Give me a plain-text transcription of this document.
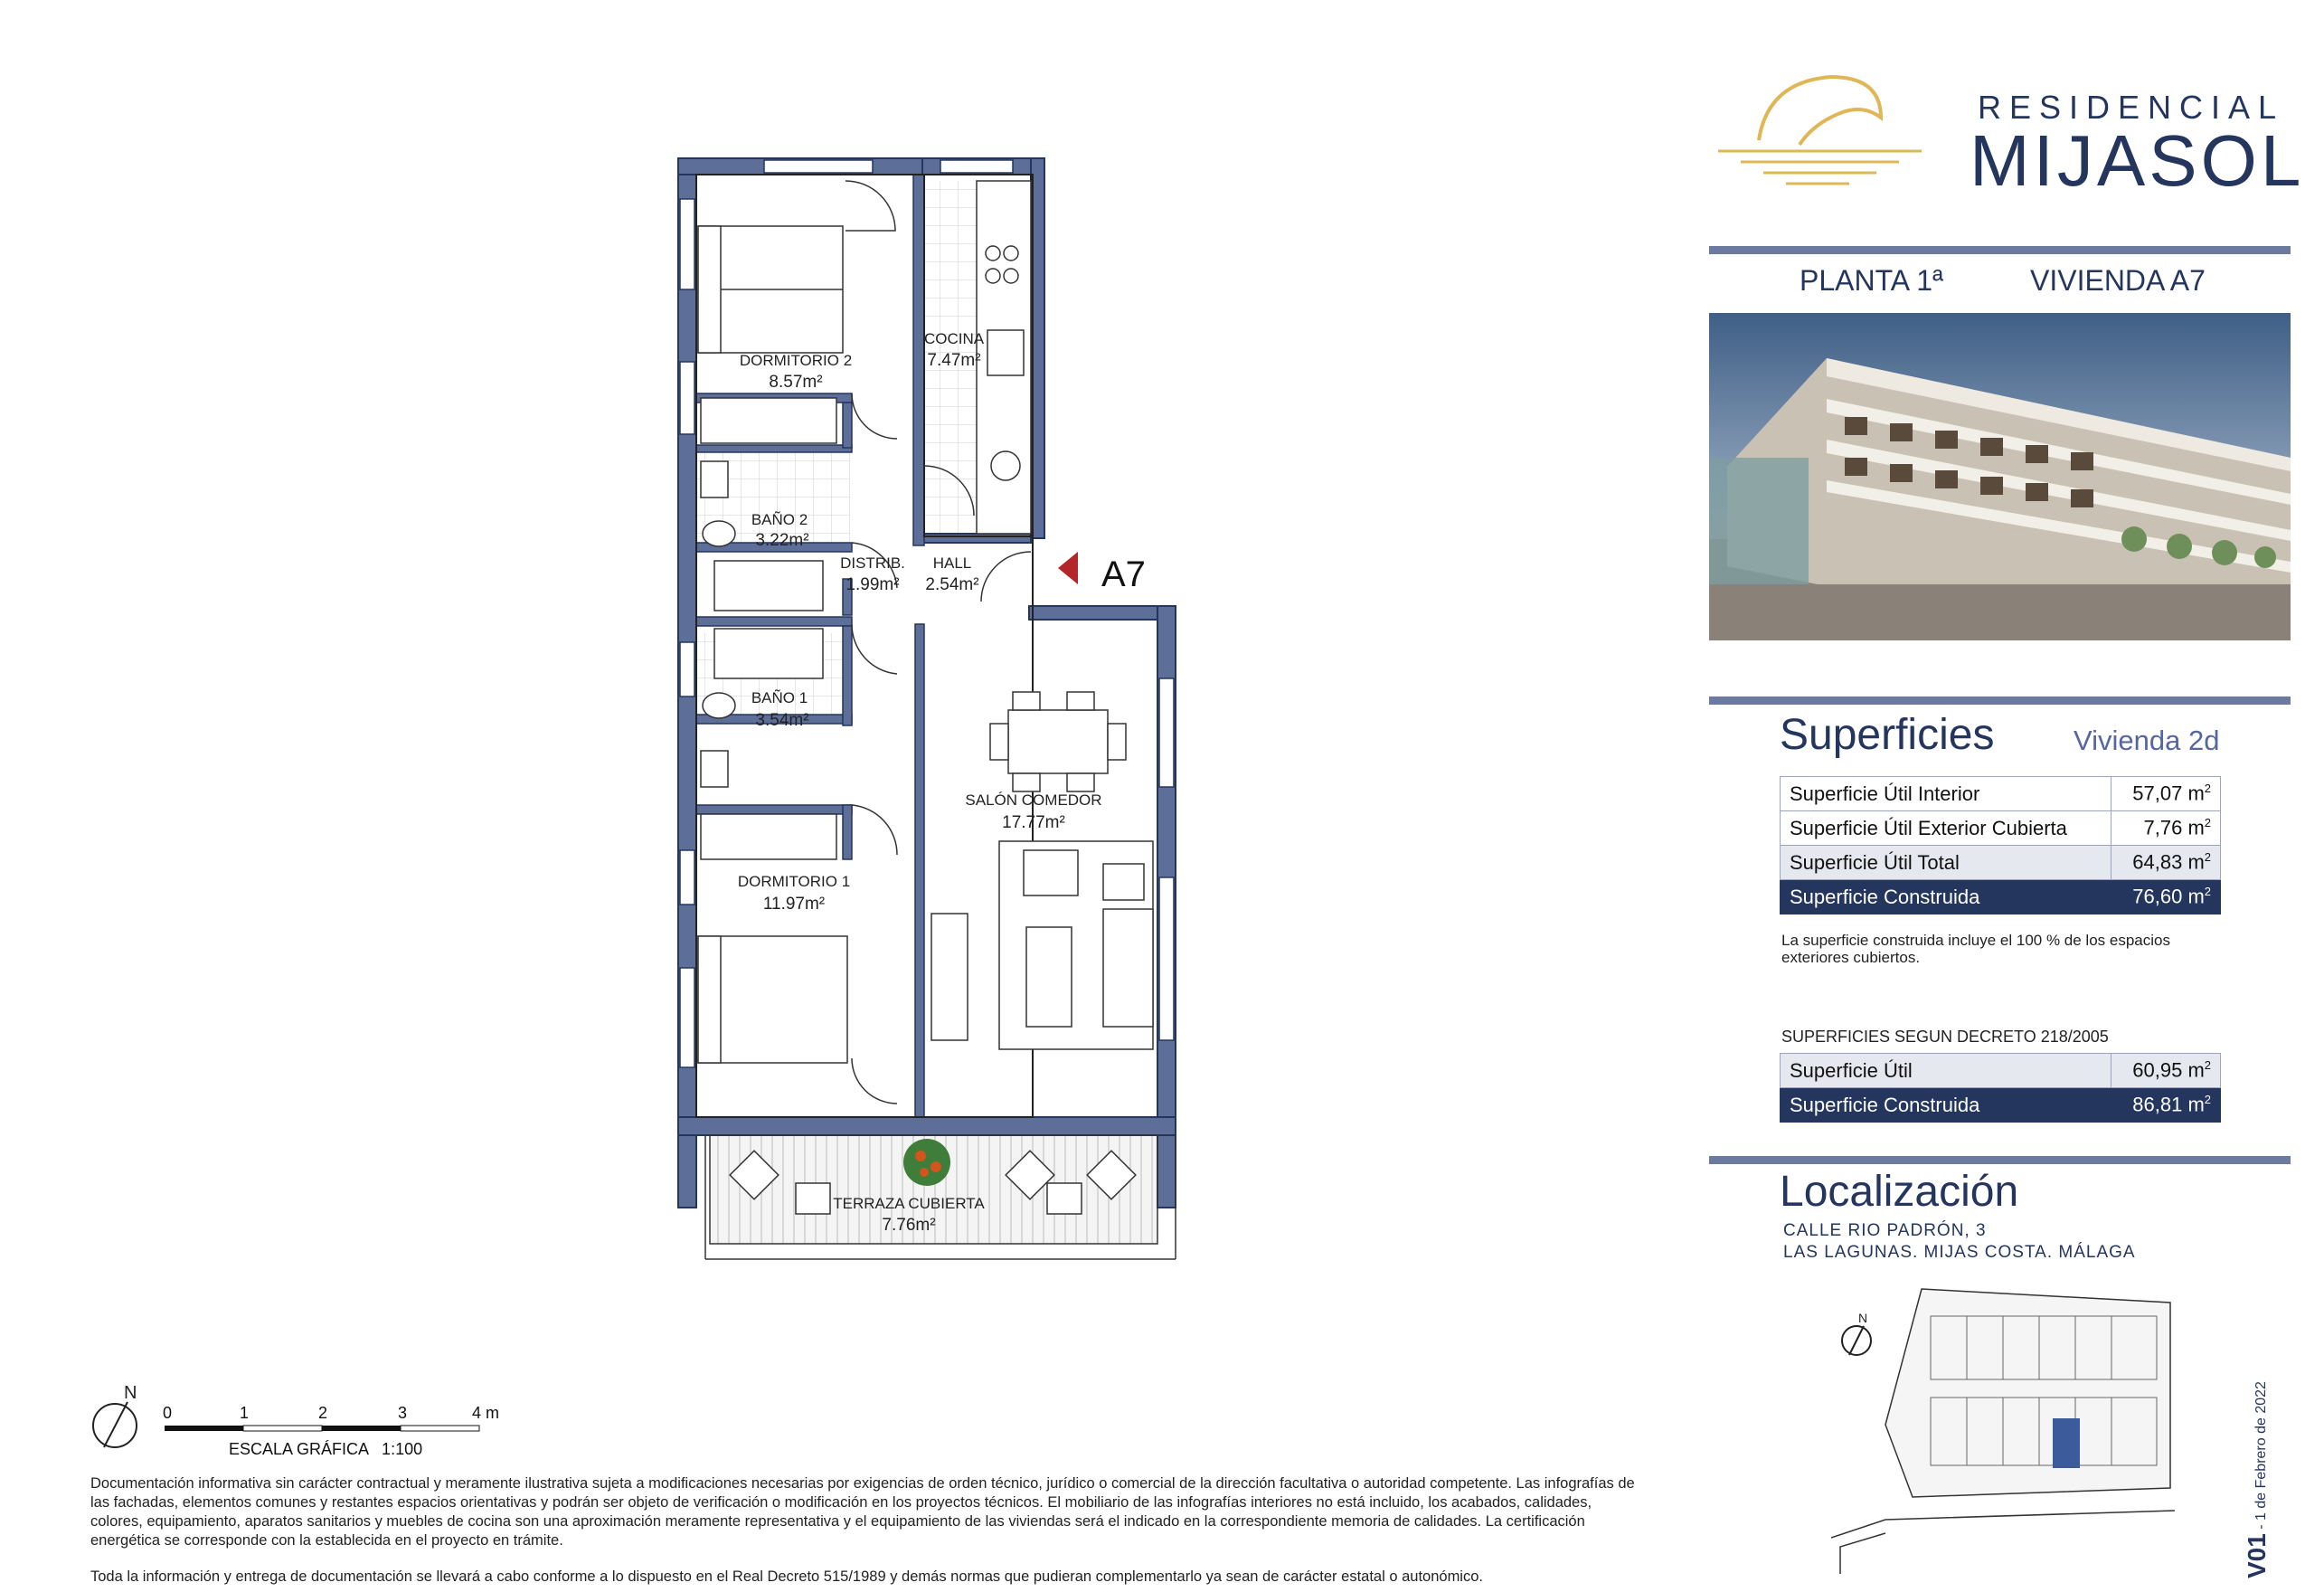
DORMITORIO 2
8.57m²
COCINA
7.47m²
BAÑO 2
3.22m²
DISTRIB.
1.99m²
HALL
2.54m²
BAÑO 1
3.54m²
SALÓN COMEDOR
17.77m²
DORMITORIO 1
11.97m²
TERRAZA CUBIERTA
7.76m²
A7
RESIDENCIAL
MIJASOL
PLANTA 1ª	VIVIENDA A7
Superficies	Vivienda 2d
Superficie Útil Interior	57,07 $m^2$
Superficie Útil Exterior Cubierta	7,76 $m^2$
Superficie Útil Total	64,83 $m^2$
Superficie Construida	76,60 $m^2$
La superficie construida incluye el 100 % de los espacios exteriores cubiertos.
SUPERFICIES SEGUN DECRETO 218/2005
Superficie Útil	60,95 $m^2$
Superficie Construida	86,81 $m^2$
Localización
CALLE RIO PADRÓN, 3
LAS LAGUNAS. MIJAS COSTA. MÁLAGA
N
V01 - 1 de Febrero de 2022
N
0	1	2	3	4 m
ESCALA GRÁFICA   1:100
Documentación informativa sin carácter contractual y meramente ilustrativa sujeta a modificaciones necesarias por exigencias de orden técnico, jurídico o comercial de la dirección facultativa o autoridad competente. Las infografías de las fachadas, elementos comunes y restantes espacios orientativas y podrán ser objeto de verificación o modificación en los proyectos técnicos. El mobiliario de las infografías interiores no está incluido, los acabados, calidades, colores, equipamiento, aparatos sanitarios y muebles de cocina son una aproximación meramente representativa y el equipamiento de las viviendas será el indicado en la correspondiente memoria de calidades. La certificación energética se corresponde con la establecida en el proyecto en trámite.
Toda la información y entrega de documentación se llevará a cabo conforme a lo dispuesto en el Real Decreto 515/1989 y demás normas que pudieran complementarlo ya sean de carácter estatal o autonómico.
